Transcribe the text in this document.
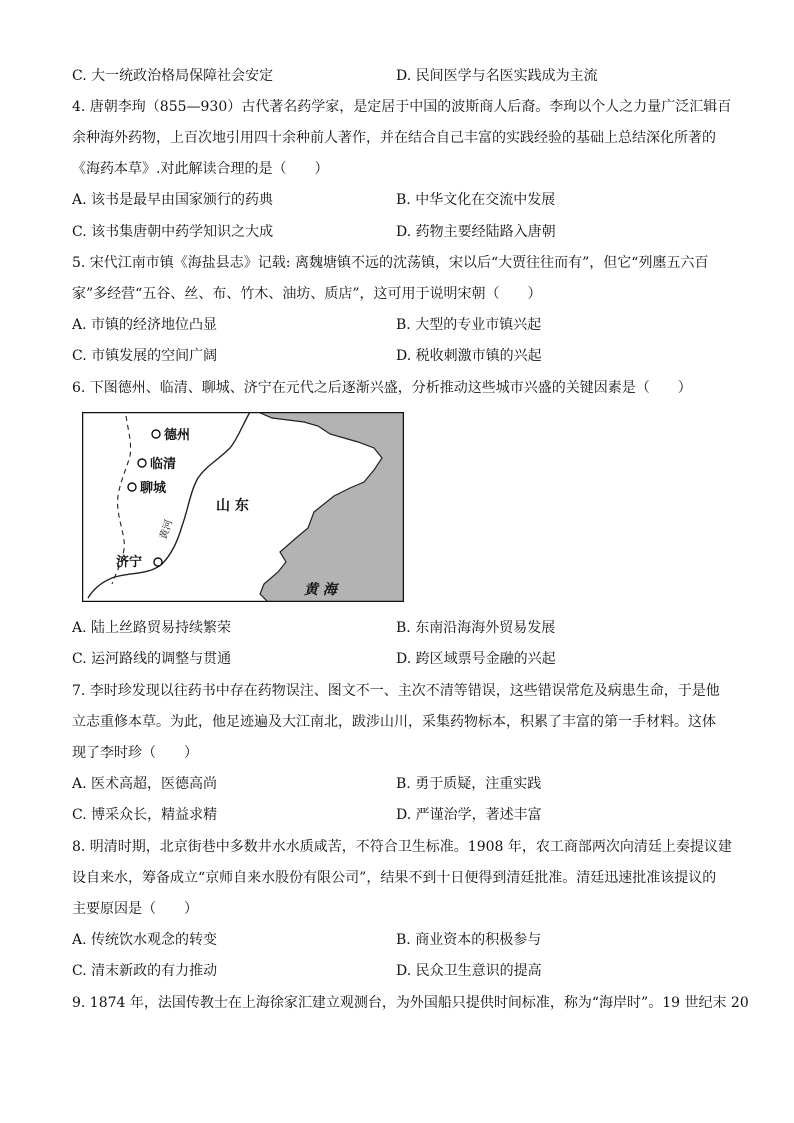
C. 大一统政治格局保障社会安定	D. 民间医学与名医实践成为主流
4. 唐朝李珣（855—930）古代著名药学家，是定居于中国的波斯商人后裔。李珣以个人之力量广泛汇辑百
余种海外药物，上百次地引用四十余种前人著作，并在结合自己丰富的实践经验的基础上总结深化所著的
《海药本草》.对此解读合理的是（　　）
A. 该书是最早由国家颁行的药典	B. 中华文化在交流中发展
C. 该书集唐朝中药学知识之大成	D. 药物主要经陆路入唐朝
5. 宋代江南市镇《海盐县志》记载: 离魏塘镇不远的沈荡镇，宋以后“大贾往往而有”，但它“列廛五六百
家”多经营“五谷、丝、布、竹木、油坊、质店”，这可用于说明宋朝（　　）
A. 市镇的经济地位凸显	B. 大型的专业市镇兴起
C. 市镇发展的空间广阔	D. 税收刺激市镇的兴起
6. 下图德州、临清、聊城、济宁在元代之后逐渐兴盛，分析推动这些城市兴盛的关键因素是（　　）
德州
临清
聊城
济宁
山 东
黄河
黄 海
A. 陆上丝路贸易持续繁荣	B. 东南沿海海外贸易发展
C. 运河路线的调整与贯通	D. 跨区域票号金融的兴起
7. 李时珍发现以往药书中存在药物误注、图文不一、主次不清等错误，这些错误常危及病患生命，于是他
立志重修本草。为此，他足迹遍及大江南北，跋涉山川，采集药物标本，积累了丰富的第一手材料。这体
现了李时珍（　　）
A. 医术高超，医德高尚	B. 勇于质疑，注重实践
C. 博采众长，精益求精	D. 严谨治学，著述丰富
8. 明清时期，北京街巷中多数井水水质咸苦，不符合卫生标准。1908 年，农工商部两次向清廷上奏提议建
设自来水，筹备成立“京师自来水股份有限公司”，结果不到十日便得到清廷批准。清廷迅速批准该提议的
主要原因是（　　）
A. 传统饮水观念的转变	B. 商业资本的积极参与
C. 清末新政的有力推动	D. 民众卫生意识的提高
9. 1874 年，法国传教士在上海徐家汇建立观测台，为外国船只提供时间标准，称为“海岸时”。19 世纪末 20
